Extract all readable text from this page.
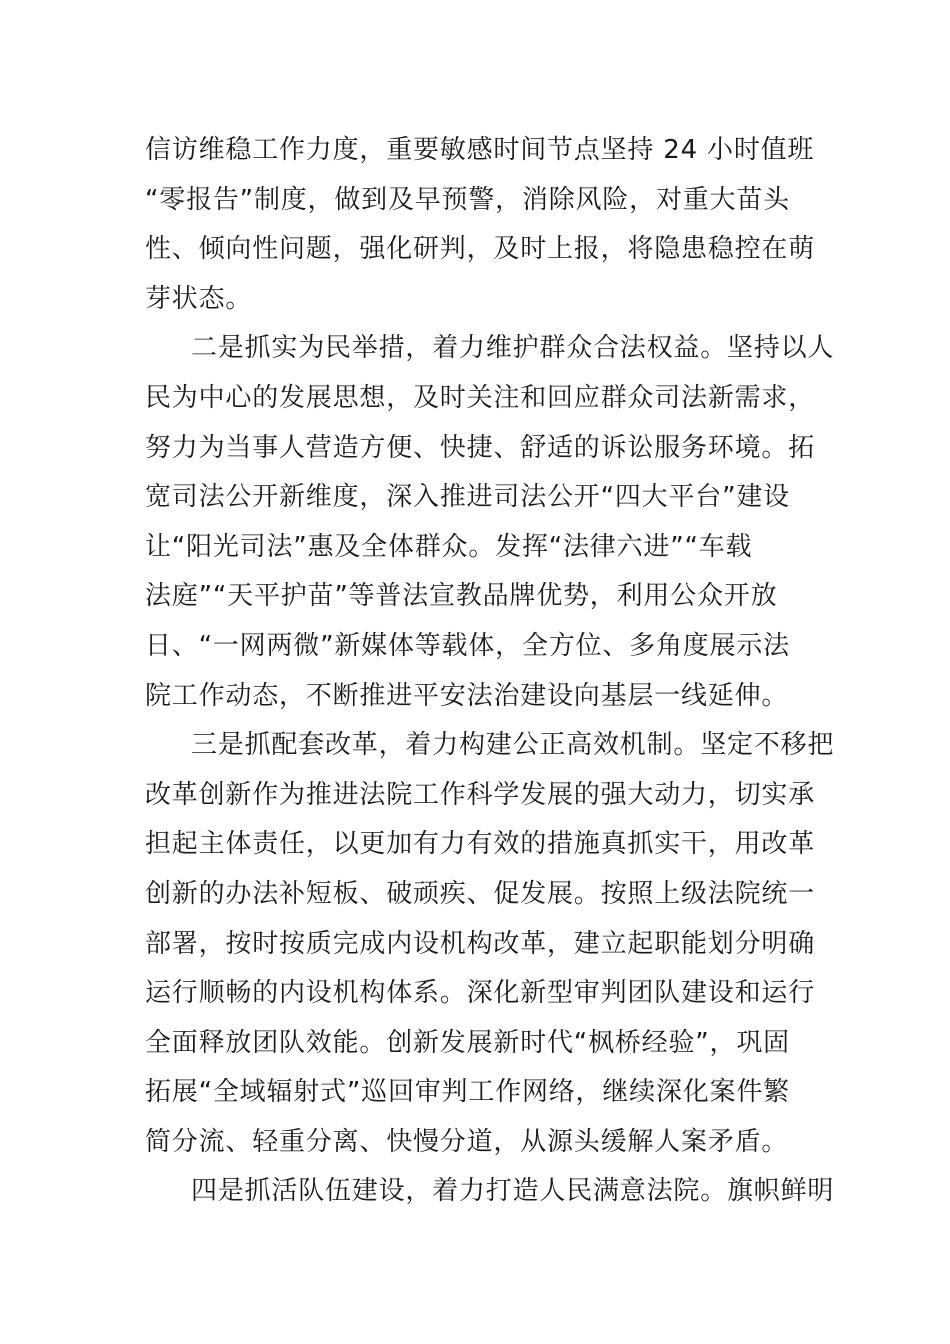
信访维稳工作力度，重要敏感时间节点坚持 24 小时值班
“零报告”制度，做到及早预警，消除风险，对重大苗头
性、倾向性问题，强化研判，及时上报，将隐患稳控在萌
芽状态。
二是抓实为民举措，着力维护群众合法权益。坚持以人
民为中心的发展思想，及时关注和回应群众司法新需求，
努力为当事人营造方便、快捷、舒适的诉讼服务环境。拓
宽司法公开新维度，深入推进司法公开“四大平台”建设
让“阳光司法”惠及全体群众。发挥“法律六进”“车载
法庭”“天平护苗”等普法宣教品牌优势，利用公众开放
日、“一网两微”新媒体等载体，全方位、多角度展示法
院工作动态，不断推进平安法治建设向基层一线延伸。
三是抓配套改革，着力构建公正高效机制。坚定不移把
改革创新作为推进法院工作科学发展的强大动力，切实承
担起主体责任，以更加有力有效的措施真抓实干，用改革
创新的办法补短板、破顽疾、促发展。按照上级法院统一
部署，按时按质完成内设机构改革，建立起职能划分明确
运行顺畅的内设机构体系。深化新型审判团队建设和运行
全面释放团队效能。创新发展新时代“枫桥经验”，巩固
拓展“全域辐射式”巡回审判工作网络，继续深化案件繁
简分流、轻重分离、快慢分道，从源头缓解人案矛盾。
四是抓活队伍建设，着力打造人民满意法院。旗帜鲜明
